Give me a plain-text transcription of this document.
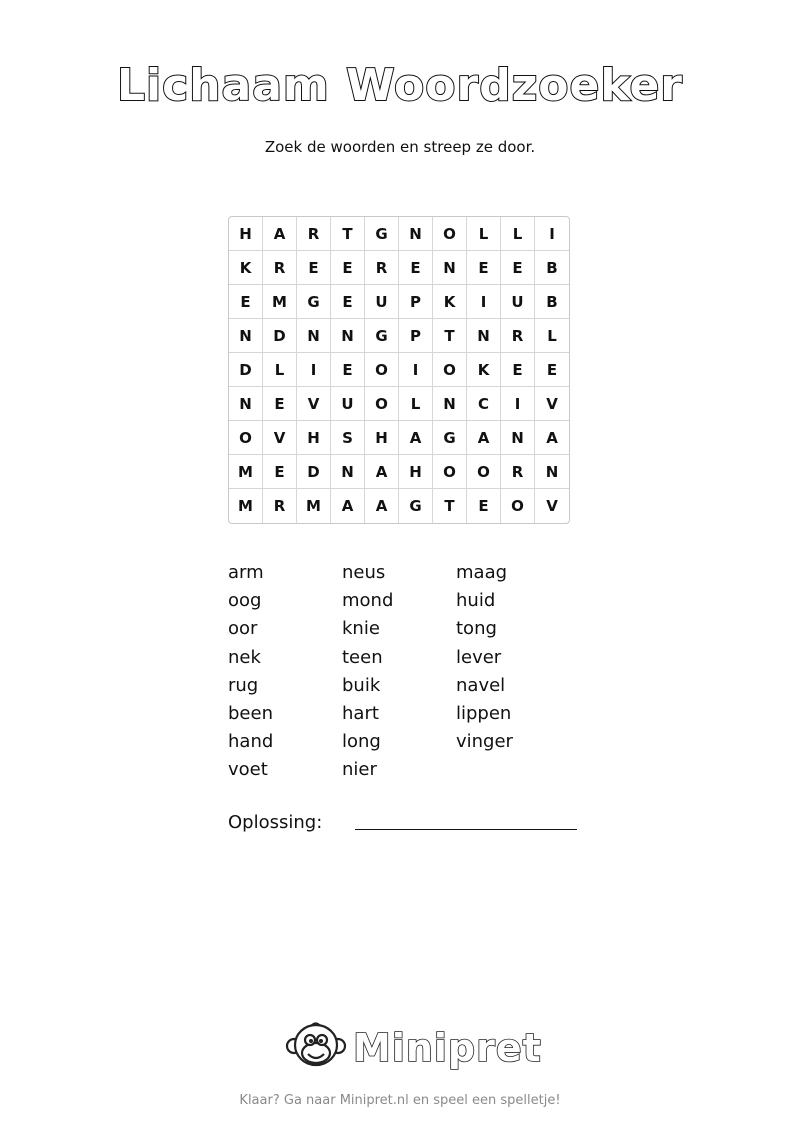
Lichaam Woordzoeker
Zoek de woorden en streep ze door.
H	A	R	T	G	N	O	L	L	I
K	R	E	E	R	E	N	E	E	B
E	M	G	E	U	P	K	I	U	B
N	D	N	N	G	P	T	N	R	L
D	L	I	E	O	I	O	K	E	E
N	E	V	U	O	L	N	C	I	V
O	V	H	S	H	A	G	A	N	A
M	E	D	N	A	H	O	O	R	N
M	R	M	A	A	G	T	E	O	V
arm
oog
oor
nek
rug
been
hand
voet
neus
mond
knie
teen
buik
hart
long
nier
maag
huid
tong
lever
navel
lippen
vinger
Oplossing:
Minipret
Klaar? Ga naar Minipret.nl en speel een spelletje!
